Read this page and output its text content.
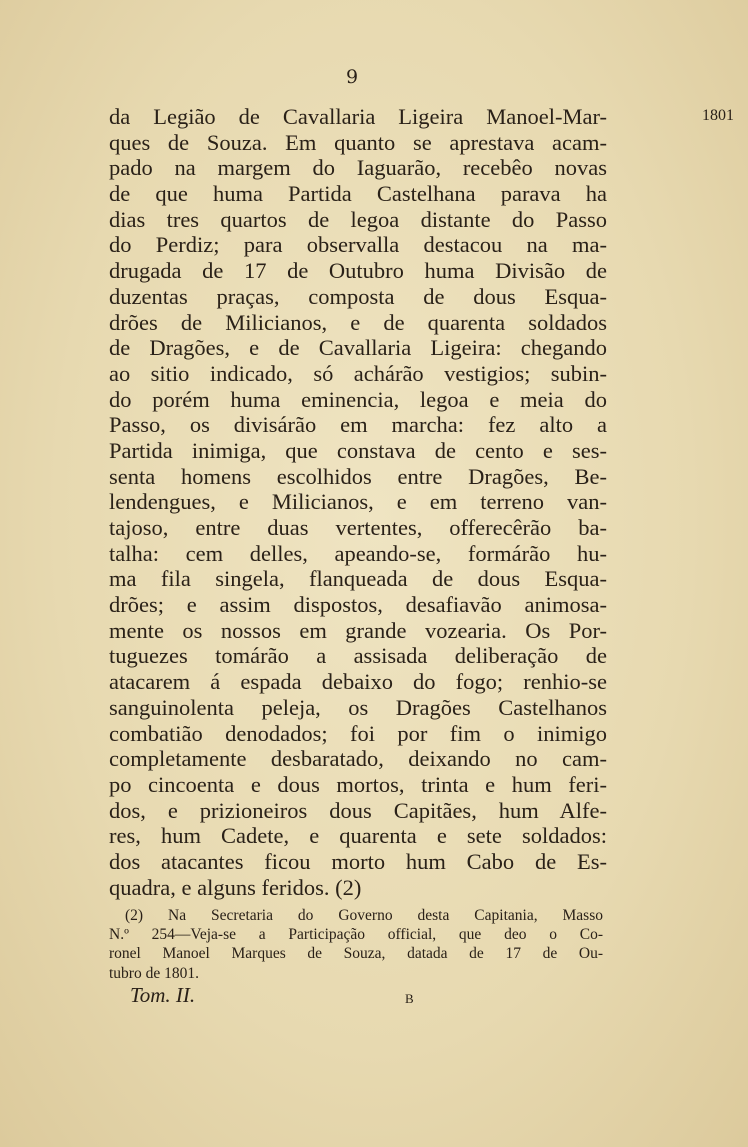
9
1801
da Legião de Cavallaria Ligeira Manoel-Mar-
ques de Souza. Em quanto se aprestava acam-
pado na margem do Iaguarão, recebêo novas
de que huma Partida Castelhana parava ha
dias tres quartos de legoa distante do Passo
do Perdiz; para observalla destacou na ma-
drugada de 17 de Outubro huma Divisão de
duzentas praças, composta de dous Esqua-
drões de Milicianos, e de quarenta soldados
de Dragões, e de Cavallaria Ligeira: chegando
ao sitio indicado, só achárão vestigios; subin-
do porém huma eminencia, legoa e meia do
Passo, os divisárão em marcha: fez alto a
Partida inimiga, que constava de cento e ses-
senta homens escolhidos entre Dragões, Be-
lendengues, e Milicianos, e em terreno van-
tajoso, entre duas vertentes, offerecêrão ba-
talha: cem delles, apeando-se, formárão hu-
ma fila singela, flanqueada de dous Esqua-
drões; e assim dispostos, desafiavão animosa-
mente os nossos em grande vozearia. Os Por-
tuguezes tomárão a assisada deliberação de
atacarem á espada debaixo do fogo; renhio-se
sanguinolenta peleja, os Dragões Castelhanos
combatião denodados; foi por fim o inimigo
completamente desbaratado, deixando no cam-
po cincoenta e dous mortos, trinta e hum feri-
dos, e prizioneiros dous Capitães, hum Alfe-
res, hum Cadete, e quarenta e sete soldados:
dos atacantes ficou morto hum Cabo de Es-
quadra, e alguns feridos. (2)
(2) Na Secretaria do Governo desta Capitania, Masso
N.º 254—Veja-se a Participação official, que deo o Co-
ronel Manoel Marques de Souza, datada de 17 de Ou-
tubro de 1801.
Tom. II.	B
